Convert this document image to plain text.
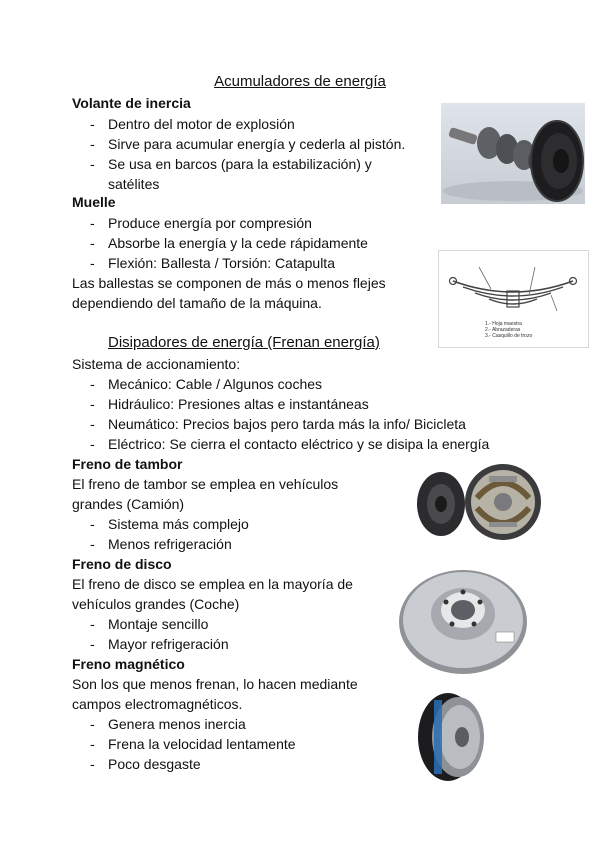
Acumuladores de energía
Volante de inercia
- Dentro del motor de explosión
- Sirve para acumular energía y cederla al pistón.
- Se usa en barcos (para la estabilización) y
satélites
Muelle
- Produce energía por compresión
- Absorbe la energía y la cede rápidamente
- Flexión: Ballesta / Torsión: Catapulta
Las ballestas se componen de más o menos flejes
dependiendo del tamaño de la máquina.
1.- Hoja maestra
2.- Abrazaderas
3.- Casquillo de trozo
Disipadores de energía (Frenan energía)
Sistema de accionamiento:
- Mecánico: Cable / Algunos coches
- Hidráulico: Presiones altas e instantáneas
- Neumático: Precios bajos pero tarda más la info/ Bicicleta
- Eléctrico: Se cierra el contacto eléctrico y se disipa la energía
Freno de tambor
El freno de tambor se emplea en vehículos
grandes (Camión)
- Sistema más complejo
- Menos refrigeración
Freno de disco
El freno de disco se emplea en la mayoría de
vehículos grandes (Coche)
- Montaje sencillo
- Mayor refrigeración
Freno magnético
Son los que menos frenan, lo hacen mediante
campos electromagnéticos.
- Genera menos inercia
- Frena la velocidad lentamente
- Poco desgaste
